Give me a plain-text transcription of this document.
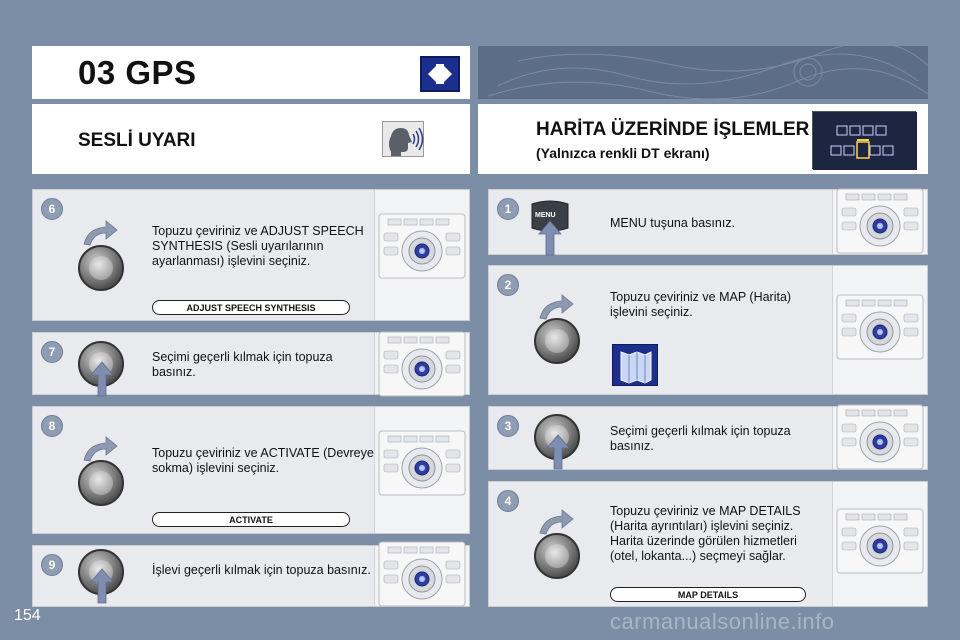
03 GPS
SESLİ UYARI
HARİTA ÜZERİNDE İŞLEMLER
(Yalnızca renkli DT ekranı)
6
Topuzu çeviriniz ve ADJUST SPEECH SYNTHESIS (Sesli uyarılarının ayarlanması) işlevini seçiniz.
ADJUST SPEECH SYNTHESIS
7	Seçimi geçerli kılmak için topuza basınız.
8
Topuzu çeviriniz ve ACTIVATE (Devreye sokma) işlevini seçiniz.
ACTIVATE
9	İşlevi geçerli kılmak için topuza basınız.
1	MENU
MENU tuşuna basınız.
2
Topuzu çeviriniz ve MAP (Harita) işlevini seçiniz.
3	Seçimi geçerli kılmak için topuza basınız.
4
Topuzu çeviriniz ve MAP DETAILS (Harita ayrıntıları) işlevini seçiniz. Harita üzerinde görülen hizmetleri (otel, lokanta...) seçmeyi sağlar.
MAP DETAILS
154	carmanualsonline.info
